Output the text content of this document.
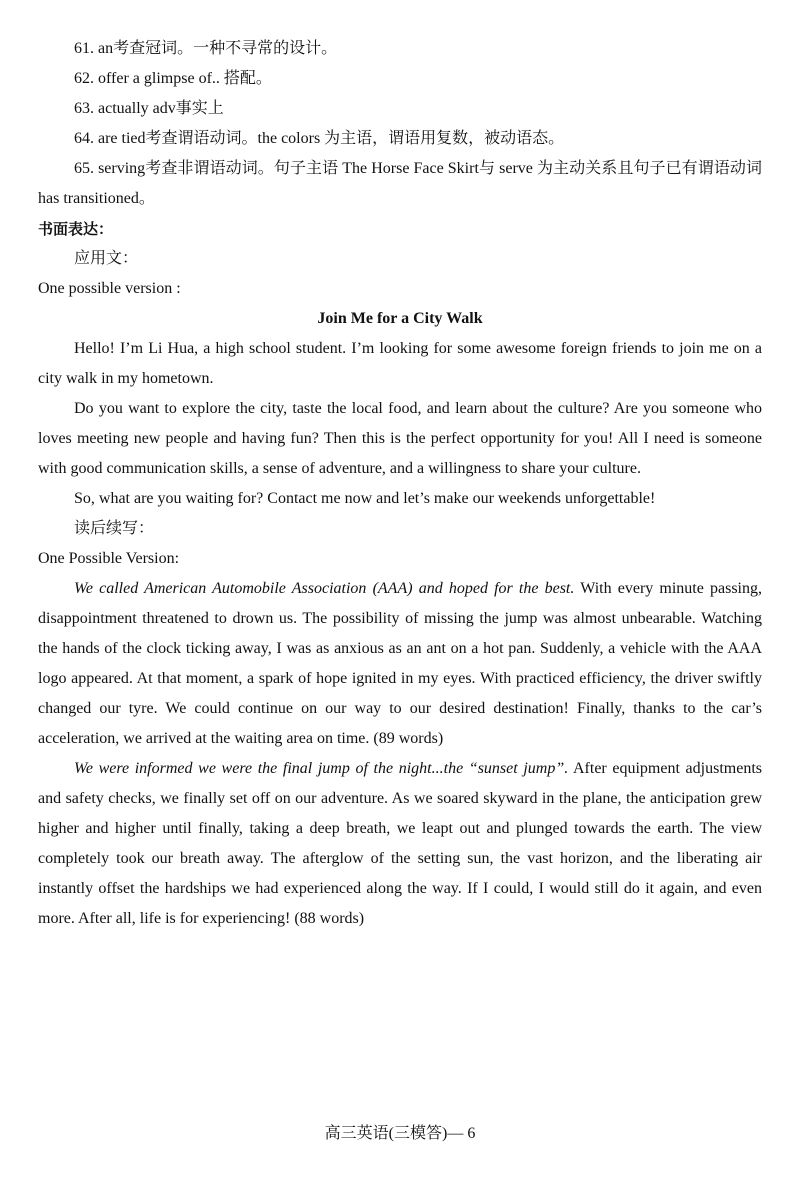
61. an考查冠词。一种不寻常的设计。

62. offer a glimpse of.. 搭配。

63. actually adv事实上

64. are tied考查谓语动词。the colors 为主语，谓语用复数，被动语态。

65. serving考查非谓语动词。句子主语 The Horse Face Skirt与 serve 为主动关系且句子已有谓语动词has transitioned。

书面表达：

应用文：

One possible version :

Join Me for a City Walk

Hello! I’m Li Hua, a high school student. I’m looking for some awesome foreign friends to join me on a city walk in my hometown.

Do you want to explore the city, taste the local food, and learn about the culture? Are you someone who loves meeting new people and having fun? Then this is the perfect opportunity for you! All I need is someone with good communication skills, a sense of adventure, and a willingness to share your culture.

So, what are you waiting for? Contact me now and let’s make our weekends unforgettable!

读后续写：

One Possible Version:

We called American Automobile Association (AAA) and hoped for the best. With every minute passing, disappointment threatened to drown us. The possibility of missing the jump was almost unbearable. Watching the hands of the clock ticking away, I was as anxious as an ant on a hot pan. Suddenly, a vehicle with the AAA logo appeared. At that moment, a spark of hope ignited in my eyes. With practiced efficiency, the driver swiftly changed our tyre. We could continue on our way to our desired destination! Finally, thanks to the car’s acceleration, we arrived at the waiting area on time. (89 words)

We were informed we were the final jump of the night...the “sunset jump”. After equipment adjustments and safety checks, we finally set off on our adventure. As we soared skyward in the plane, the anticipation grew higher and higher until finally, taking a deep breath, we leapt out and plunged towards the earth. The view completely took our breath away. The afterglow of the setting sun, the vast horizon, and the liberating air instantly offset the hardships we had experienced along the way. If I could, I would still do it again, and even more. After all, life is for experiencing! (88 words)

高三英语(三模答)— 6
